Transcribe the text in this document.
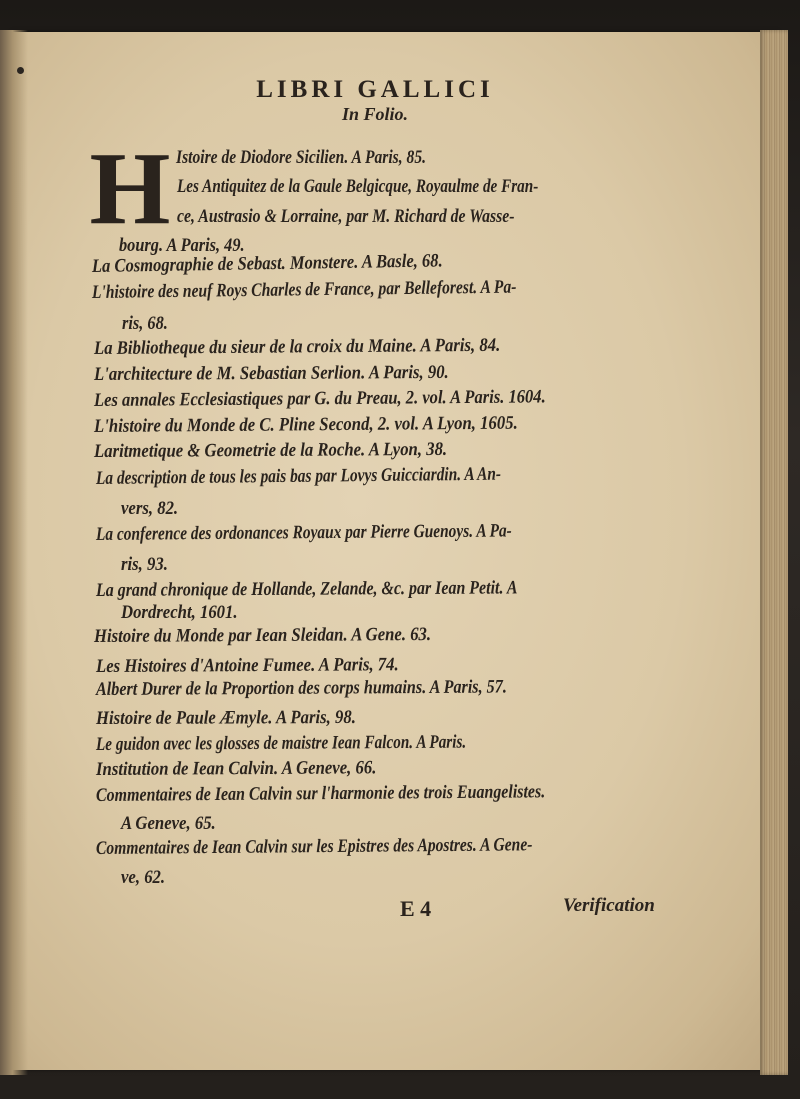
LIBRI GALLICI
In Folio.
H Istoire de Diodore Sicilien. A Paris, 85.
Les Antiquitez de la Gaule Belgicque, Royaulme de Fran-
ce, Austrasio & Lorraine, par M. Richard de Wasse-
bourg. A Paris, 49.
La Cosmographie de Sebast. Monstere. A Basle, 68.
L'histoire des neuf Roys Charles de France, par Belleforest. A Pa-
ris, 68.
La Bibliotheque du sieur de la croix du Maine. A Paris, 84.
L'architecture de M. Sebastian Serlion. A Paris, 90.
Les annales Ecclesiastiques par G. du Preau, 2. vol. A Paris. 1604.
L'histoire du Monde de C. Pline Second, 2. vol. A Lyon, 1605.
Laritmetique & Geometrie de la Roche. A Lyon, 38.
La description de tous les pais bas par Lovys Guicciardin. A An-
vers, 82.
La conference des ordonances Royaux par Pierre Guenoys. A Pa-
ris, 93.
La grand chronique de Hollande, Zelande, &c. par Iean Petit. A
Dordrecht, 1601.
Histoire du Monde par Iean Sleidan. A Gene. 63.
Les Histoires d'Antoine Fumee. A Paris, 74.
Albert Durer de la Proportion des corps humains. A Paris, 57.
Histoire de Paule Æmyle. A Paris, 98.
Le guidon avec les glosses de maistre Iean Falcon. A Paris.
Institution de Iean Calvin. A Geneve, 66.
Commentaires de Iean Calvin sur l'harmonie des trois Euangelistes.
A Geneve, 65.
Commentaires de Iean Calvin sur les Epistres des Apostres. A Gene-
ve, 62.
E 4	Verification
